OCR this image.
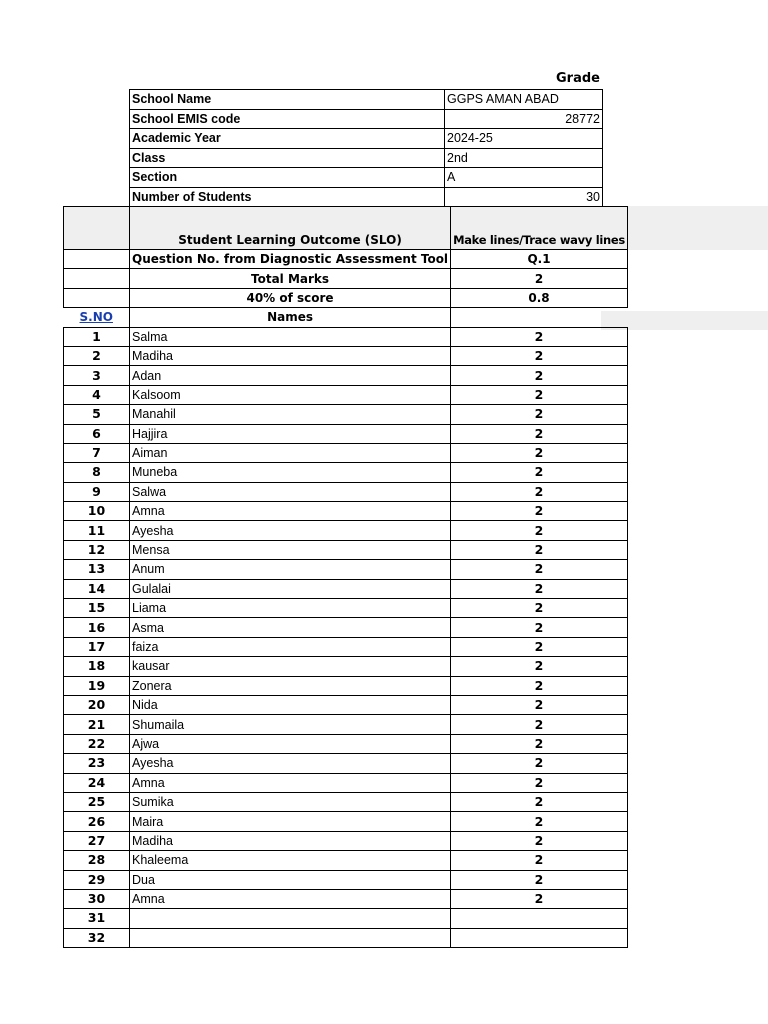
Grade
School Name	GGPS AMAN ABAD
School EMIS code	28772
Academic Year	2024-25
Class	2nd
Section	A
Number of Students	30
	Student Learning Outcome (SLO)	Make lines/Trace wavy lines
	Question No. from Diagnostic Assessment Tool	Q.1
	Total Marks	2
	40% of score	0.8
S.NO	Names	
1	Salma	2
2	Madiha	2
3	Adan	2
4	Kalsoom	2
5	Manahil	2
6	Hajjira	2
7	Aiman	2
8	Muneba	2
9	Salwa	2
10	Amna	2
11	Ayesha	2
12	Mensa	2
13	Anum	2
14	Gulalai	2
15	Liama	2
16	Asma	2
17	faiza	2
18	kausar	2
19	Zonera	2
20	Nida	2
21	Shumaila	2
22	Ajwa	2
23	Ayesha	2
24	Amna	2
25	Sumika	2
26	Maira	2
27	Madiha	2
28	Khaleema	2
29	Dua	2
30	Amna	2
31		
32		
